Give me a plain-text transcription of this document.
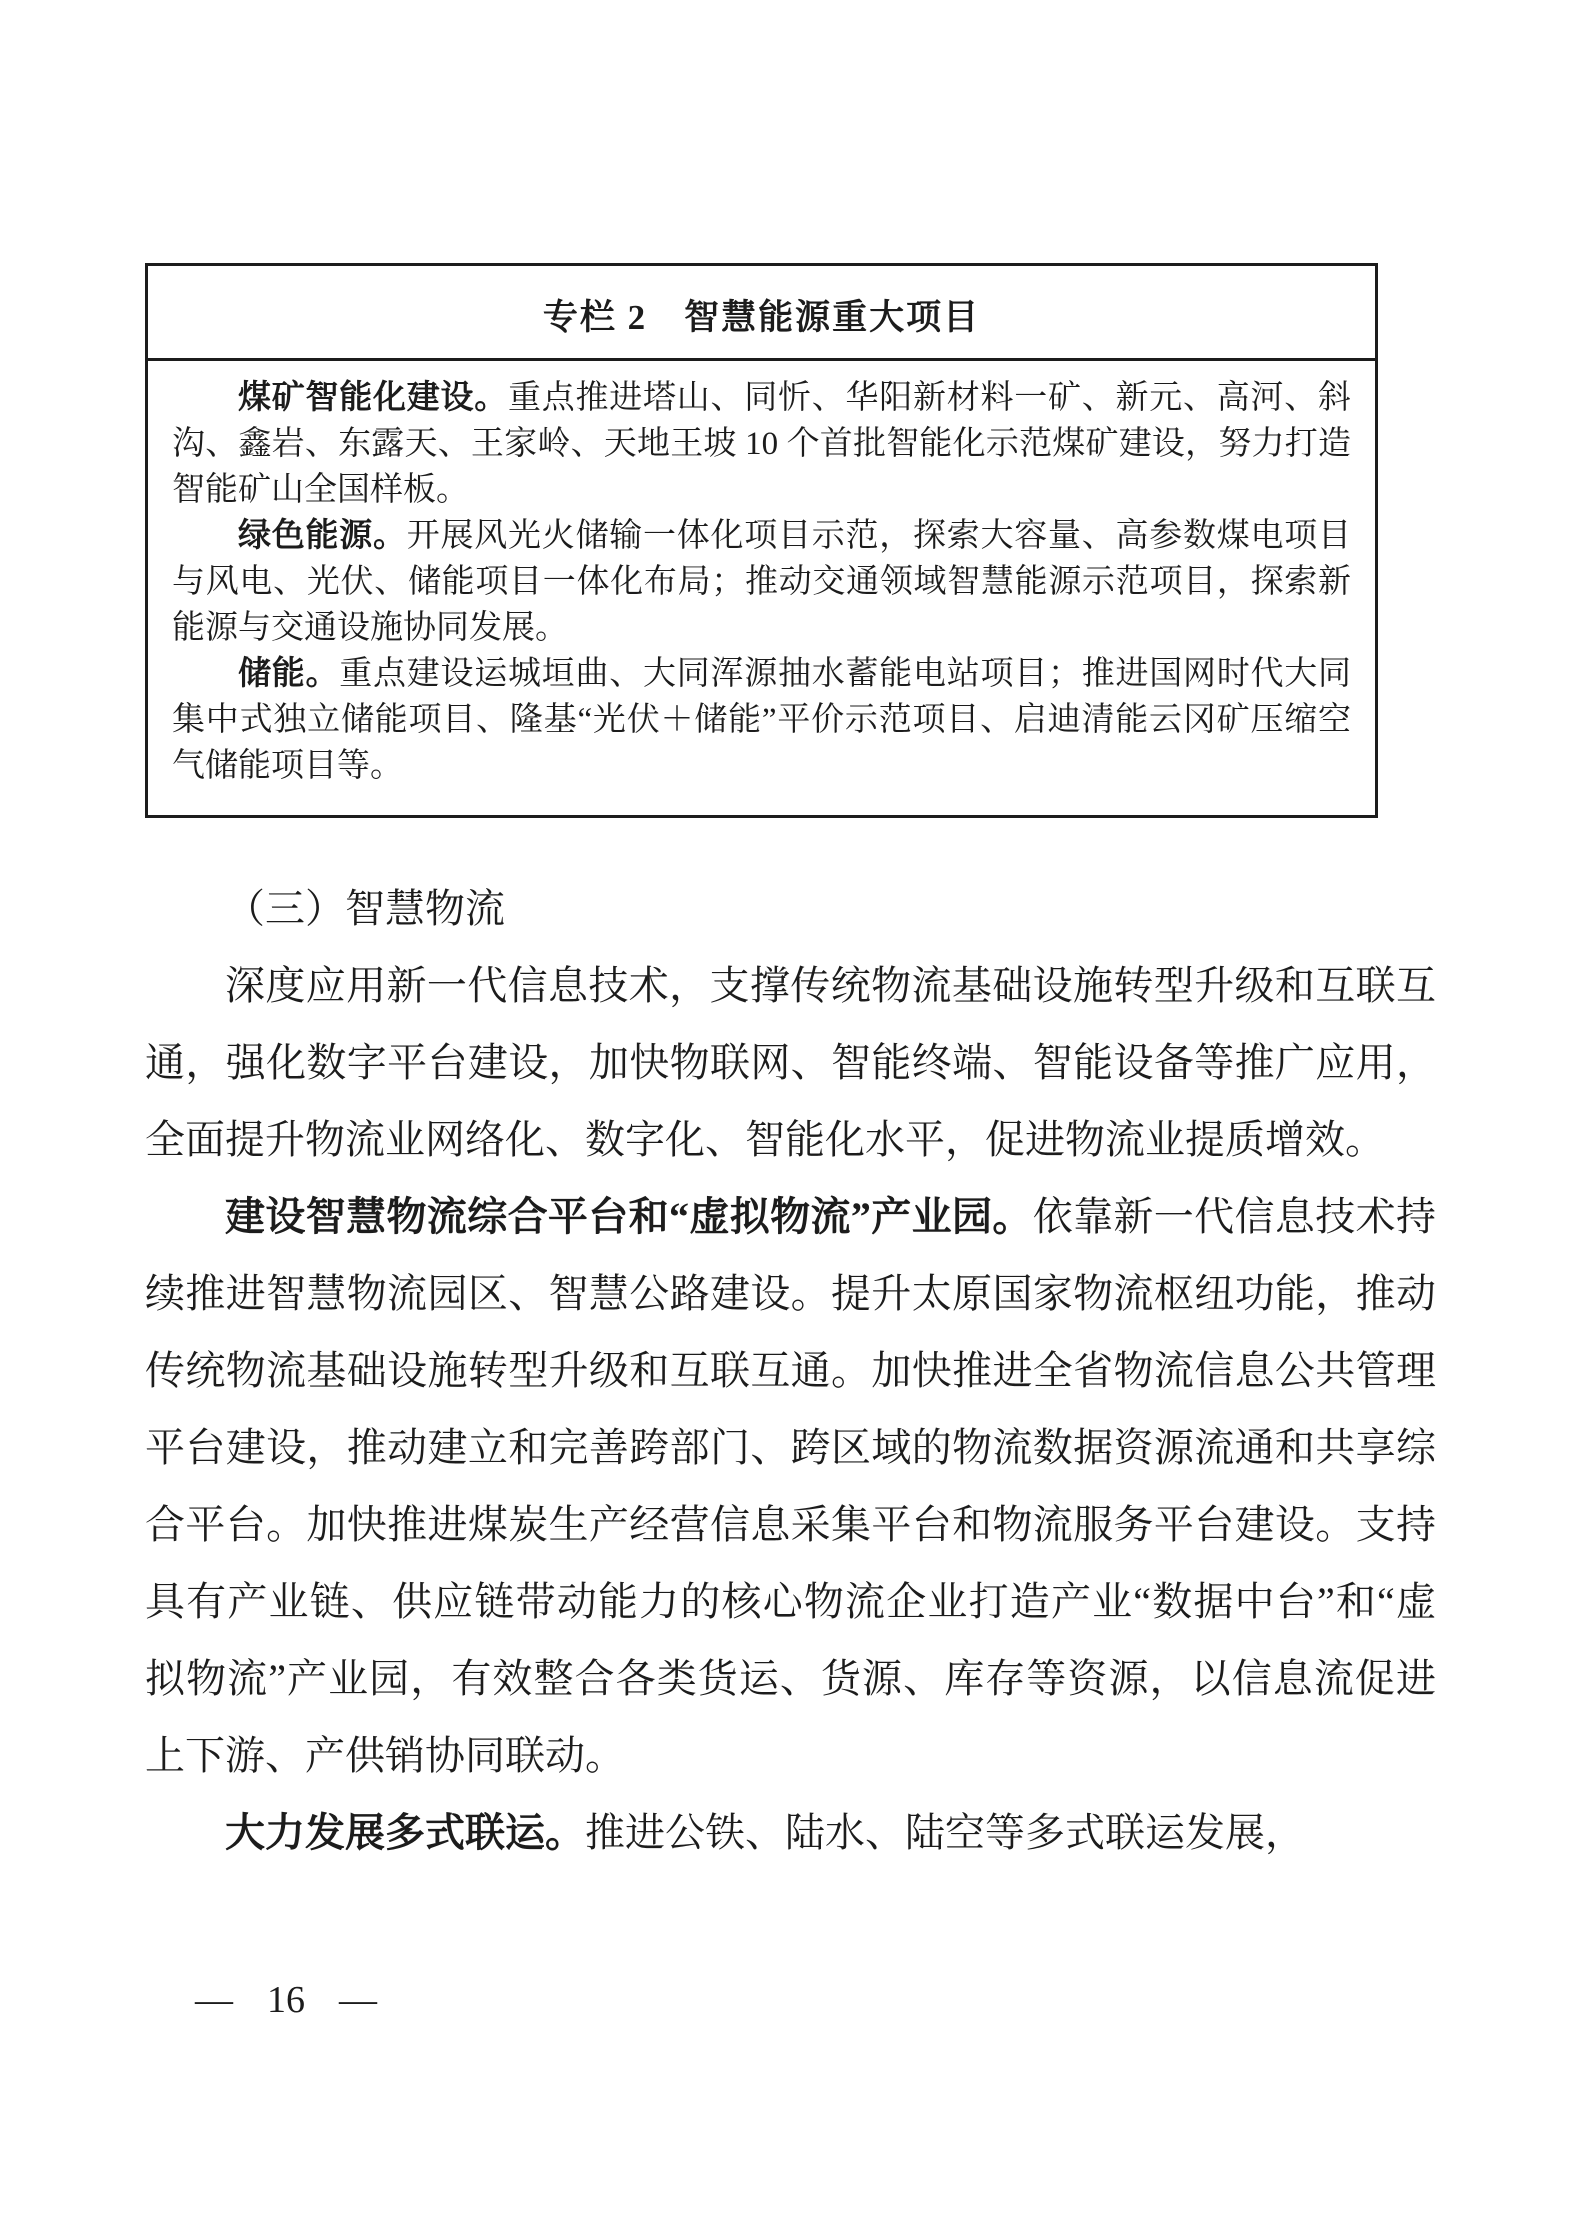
专栏 2　智慧能源重大项目

煤矿智能化建设。重点推进塔山、同忻、华阳新材料一矿、新元、高河、斜沟、鑫岩、东露天、王家岭、天地王坡 10 个首批智能化示范煤矿建设，努力打造智能矿山全国样板。

绿色能源。开展风光火储输一体化项目示范，探索大容量、高参数煤电项目与风电、光伏、储能项目一体化布局；推动交通领域智慧能源示范项目，探索新能源与交通设施协同发展。

储能。重点建设运城垣曲、大同浑源抽水蓄能电站项目；推进国网时代大同集中式独立储能项目、隆基“光伏＋储能”平价示范项目、启迪清能云冈矿压缩空气储能项目等。

（三）智慧物流

深度应用新一代信息技术，支撑传统物流基础设施转型升级和互联互通，强化数字平台建设，加快物联网、智能终端、智能设备等推广应用，全面提升物流业网络化、数字化、智能化水平，促进物流业提质增效。

建设智慧物流综合平台和“虚拟物流”产业园。依靠新一代信息技术持续推进智慧物流园区、智慧公路建设。提升太原国家物流枢纽功能，推动传统物流基础设施转型升级和互联互通。加快推进全省物流信息公共管理平台建设，推动建立和完善跨部门、跨区域的物流数据资源流通和共享综合平台。加快推进煤炭生产经营信息采集平台和物流服务平台建设。支持具有产业链、供应链带动能力的核心物流企业打造产业“数据中台”和“虚拟物流”产业园，有效整合各类货运、货源、库存等资源，以信息流促进上下游、产供销协同联动。

大力发展多式联运。推进公铁、陆水、陆空等多式联运发展，

— 16 —
